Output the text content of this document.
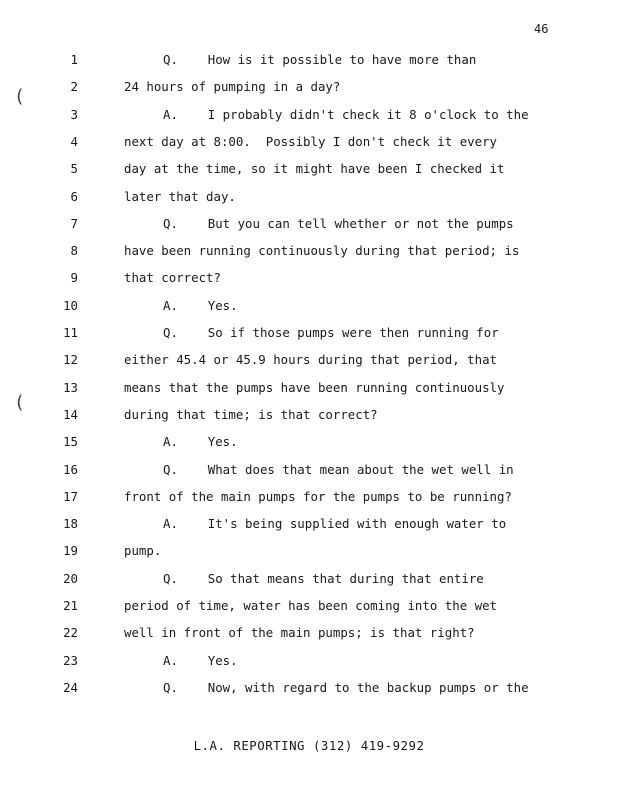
46
(
(
1	Q.    How is it possible to have more than
2	24 hours of pumping in a day?
3	A.    I probably didn't check it 8 o'clock to the
4	next day at 8:00.  Possibly I don't check it every
5	day at the time, so it might have been I checked it
6	later that day.
7	Q.    But you can tell whether or not the pumps
8	have been running continuously during that period; is
9	that correct?
10	A.    Yes.
11	Q.    So if those pumps were then running for
12	either 45.4 or 45.9 hours during that period, that
13	means that the pumps have been running continuously
14	during that time; is that correct?
15	A.    Yes.
16	Q.    What does that mean about the wet well in
17	front of the main pumps for the pumps to be running?
18	A.    It's being supplied with enough water to
19	pump.
20	Q.    So that means that during that entire
21	period of time, water has been coming into the wet
22	well in front of the main pumps; is that right?
23	A.    Yes.
24	Q.    Now, with regard to the backup pumps or the
L.A. REPORTING (312) 419-9292
